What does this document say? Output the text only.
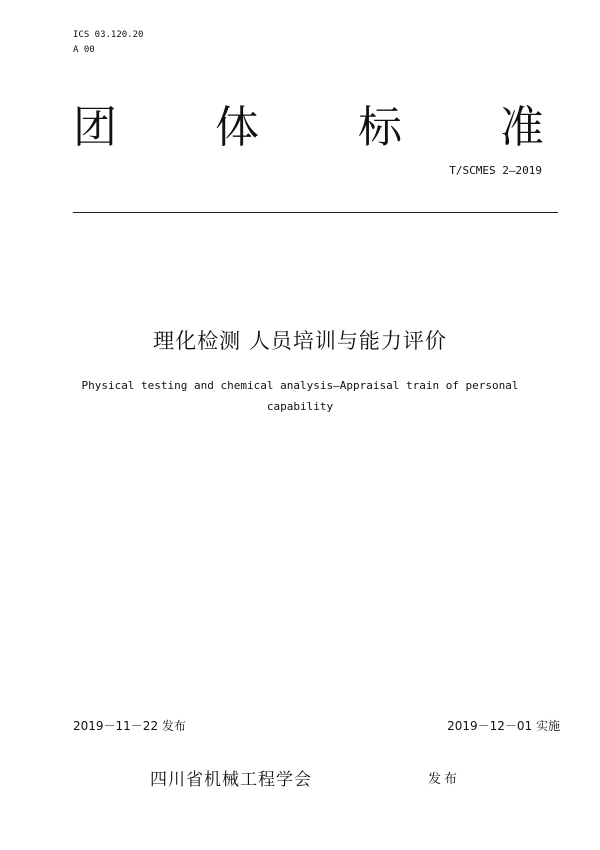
ICS 03.120.20
A 00
团 体 标 准
T/SCMES 2—2019
理化检测 人员培训与能力评价
Physical testing and chemical analysis—Appraisal train of personal
capability
2019－11－22 发布	2019－12－01 实施
四川省机械工程学会	发布
